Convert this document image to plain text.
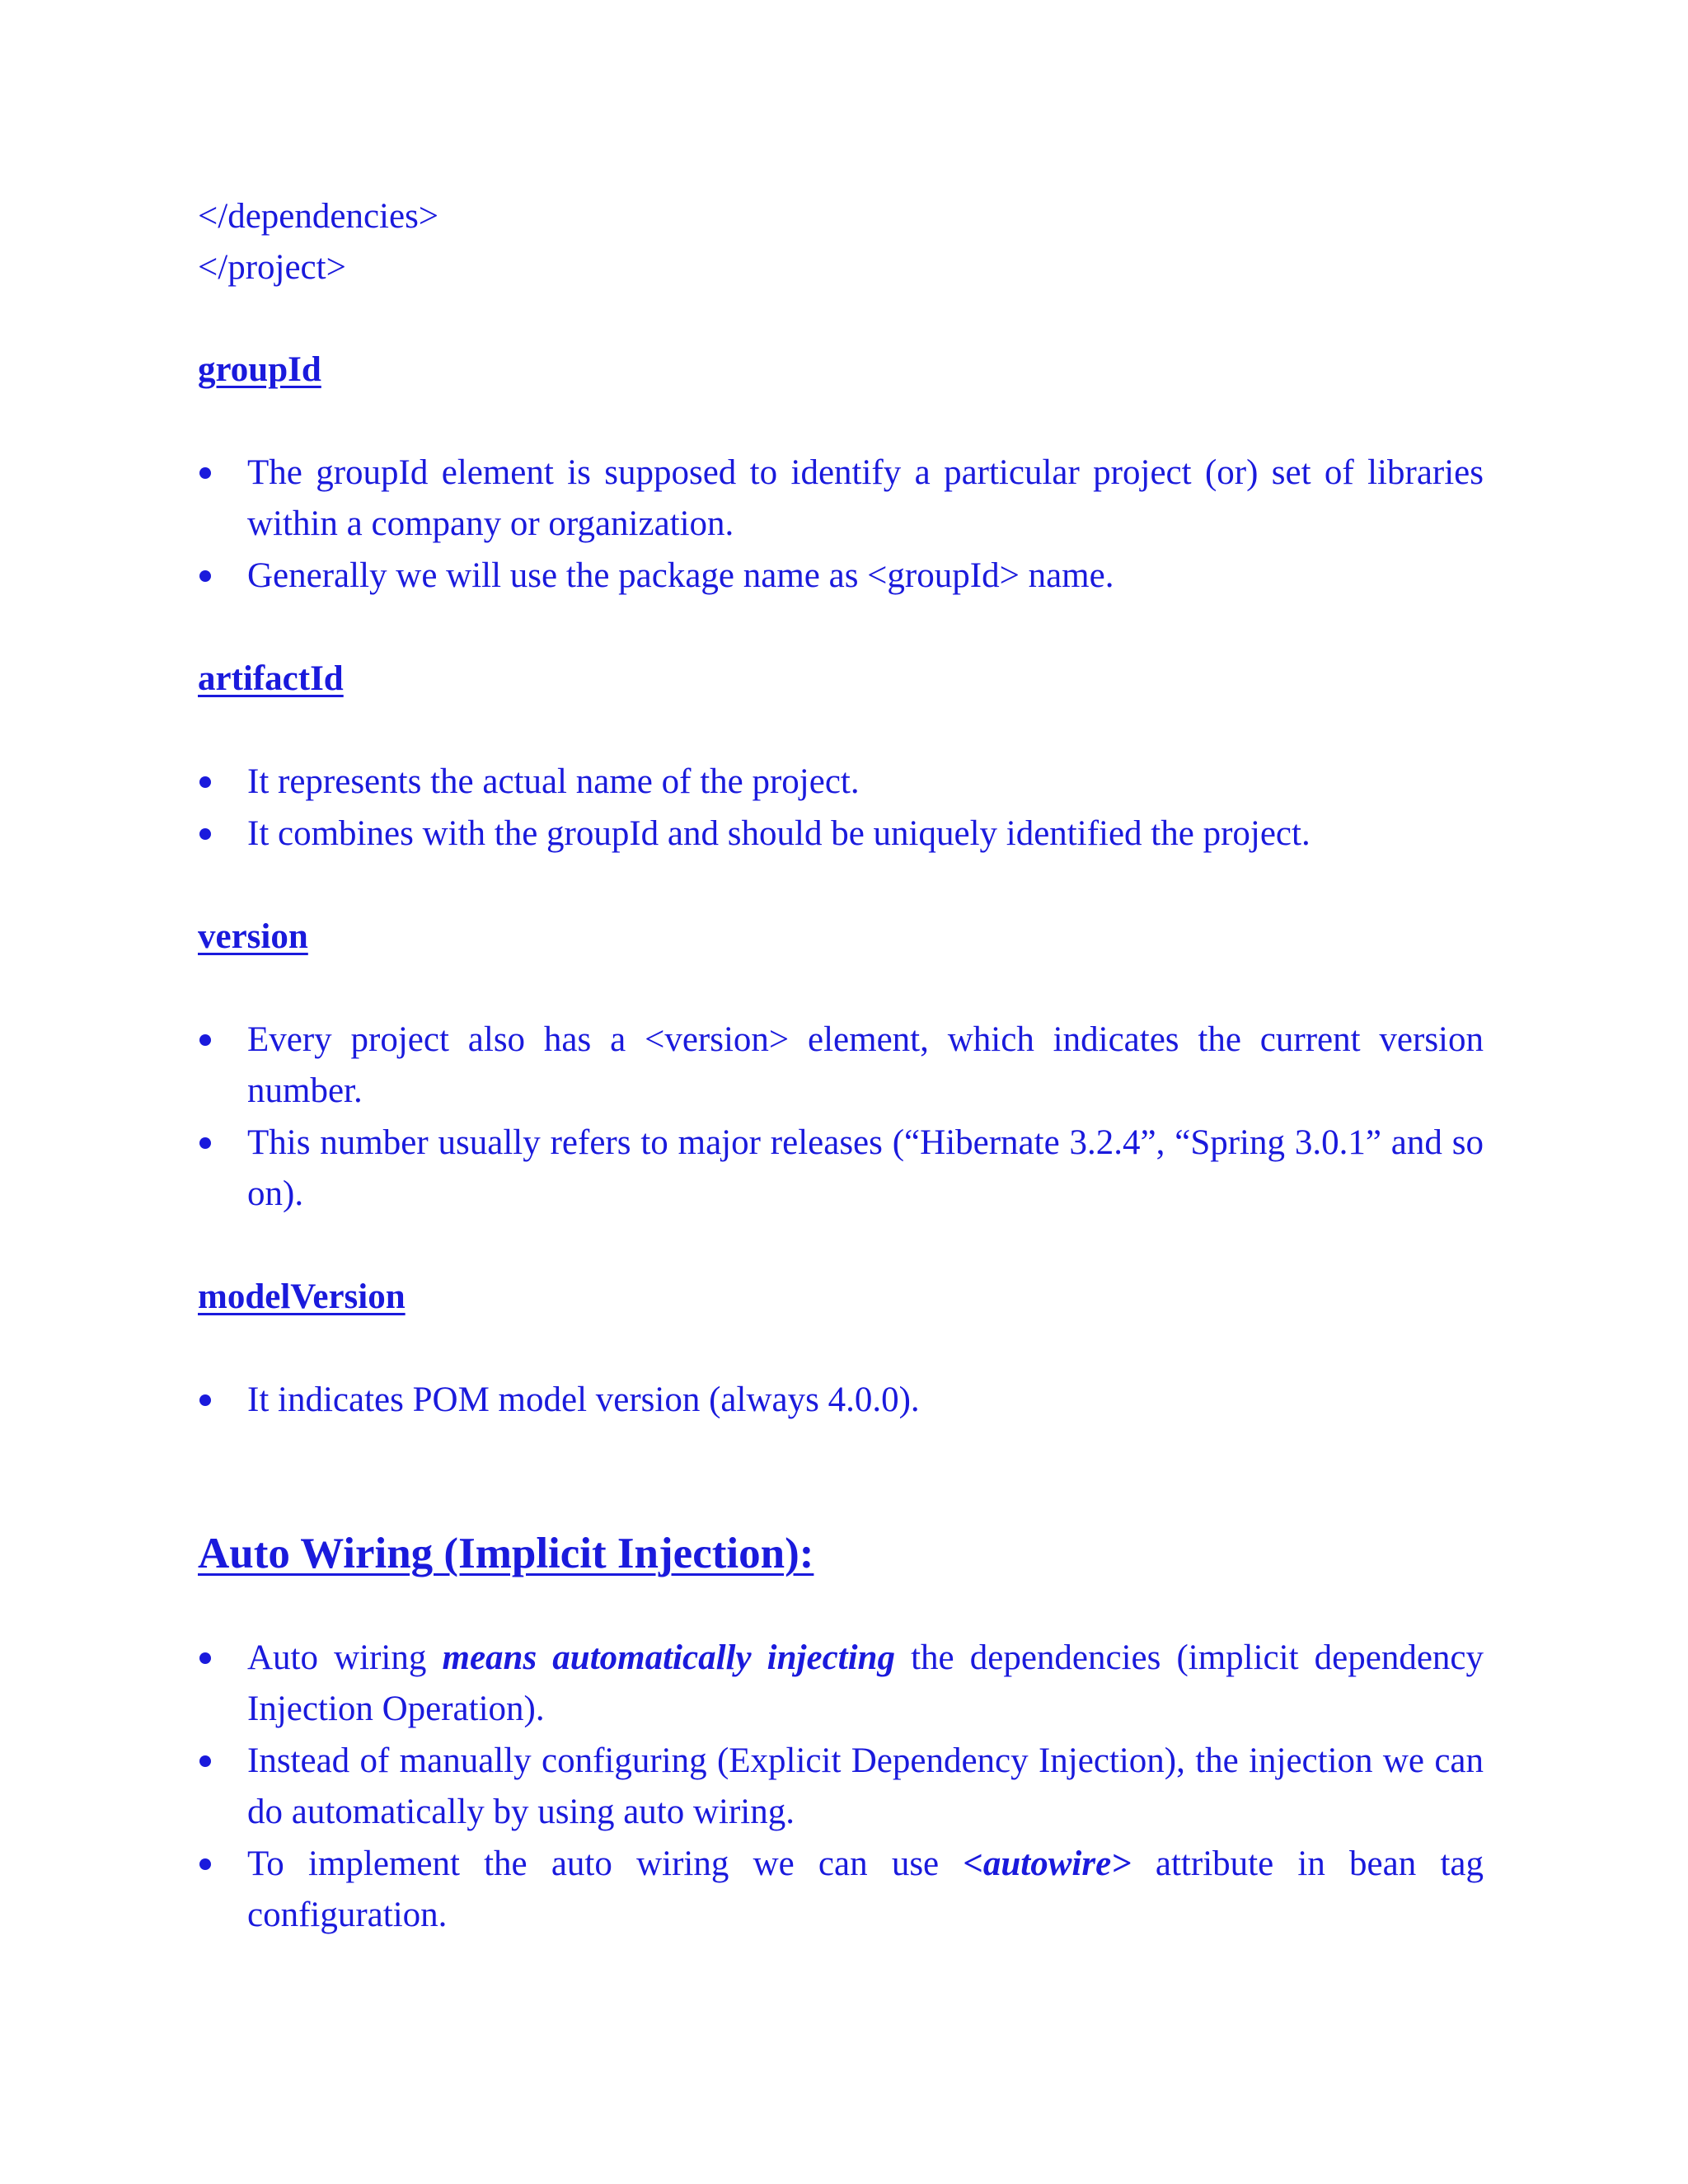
</dependencies>
</project>
groupId
The groupId element is supposed to identify a particular project (or) set of libraries within a company or organization.
Generally we will use the package name as <groupId> name.
artifactId
It represents the actual name of the project.
It combines with the groupId and should be uniquely identified the project.
version
Every project also has a <version> element, which indicates the current version number.
This number usually refers to major releases (“Hibernate 3.2.4”, “Spring 3.0.1” and so on).
modelVersion
It indicates POM model version (always 4.0.0).
Auto Wiring (Implicit Injection):
Auto wiring means automatically injecting the dependencies (implicit dependency Injection Operation).
Instead of manually configuring (Explicit Dependency Injection), the injection we can do automatically by using auto wiring.
To implement the auto wiring we can use <autowire> attribute in bean tag configuration.
